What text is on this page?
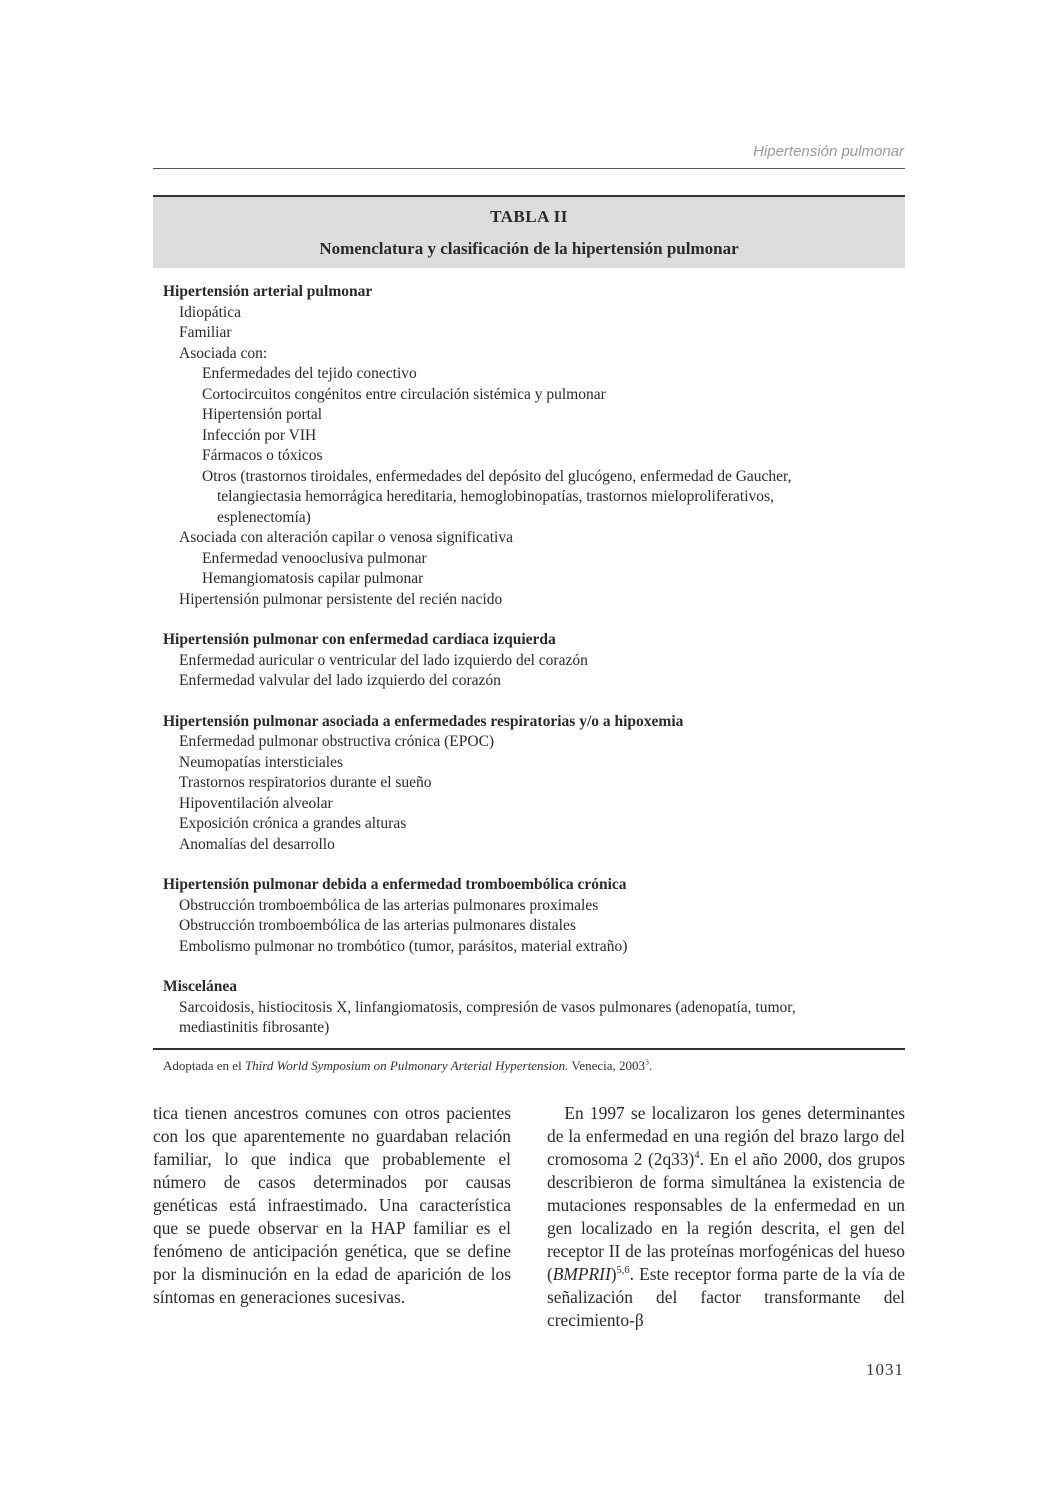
Hipertensión pulmonar
TABLA II
Nomenclatura y clasificación de la hipertensión pulmonar
Hipertensión arterial pulmonar
Idiopática
Familiar
Asociada con:
Enfermedades del tejido conectivo
Cortocircuitos congénitos entre circulación sistémica y pulmonar
Hipertensión portal
Infección por VIH
Fármacos o tóxicos
Otros (trastornos tiroidales, enfermedades del depósito del glucógeno, enfermedad de Gaucher,
telangiectasia hemorrágica hereditaria, hemoglobinopatías, trastornos mieloproliferativos,
esplenectomía)
Asociada con alteración capilar o venosa significativa
Enfermedad venooclusiva pulmonar
Hemangiomatosis capilar pulmonar
Hipertensión pulmonar persistente del recién nacido
Hipertensión pulmonar con enfermedad cardiaca izquierda
Enfermedad auricular o ventricular del lado izquierdo del corazón
Enfermedad valvular del lado izquierdo del corazón
Hipertensión pulmonar asociada a enfermedades respiratorias y/o a hipoxemia
Enfermedad pulmonar obstructiva crónica (EPOC)
Neumopatías intersticiales
Trastornos respiratorios durante el sueño
Hipoventilación alveolar
Exposición crónica a grandes alturas
Anomalías del desarrollo
Hipertensión pulmonar debida a enfermedad tromboembólica crónica
Obstrucción tromboembólica de las arterias pulmonares proximales
Obstrucción tromboembólica de las arterias pulmonares distales
Embolismo pulmonar no trombótico (tumor, parásitos, material extraño)
Miscelánea
Sarcoidosis, histiocitosis X, linfangiomatosis, compresión de vasos pulmonares (adenopatía, tumor,
mediastinitis fibrosante)
Adoptada en el Third World Symposium on Pulmonary Arterial Hypertension. Venecia, 2003$^3$.

tica tienen ancestros comunes con otros pacientes con los que aparentemente no guardaban relación familiar, lo que indica que probablemente el número de casos determinados por causas genéticas está infraestimado. Una característica que se puede observar en la HAP familiar es el fenómeno de anticipación genética, que se define por la disminución en la edad de aparición de los síntomas en generaciones sucesivas.

 En 1997 se localizaron los genes determinantes de la enfermedad en una región del brazo largo del cromosoma 2 $(2q33)^4$. En el año 2000, dos grupos describieron de forma simultánea la existencia de mutaciones responsables de la enfermedad en un gen localizado en la región descrita, el gen del receptor II de las proteínas morfogénicas del hueso (BMPRII)$^{5,6}$. Este receptor forma parte de la vía de señalización del factor transformante del crecimiento-β

1031
